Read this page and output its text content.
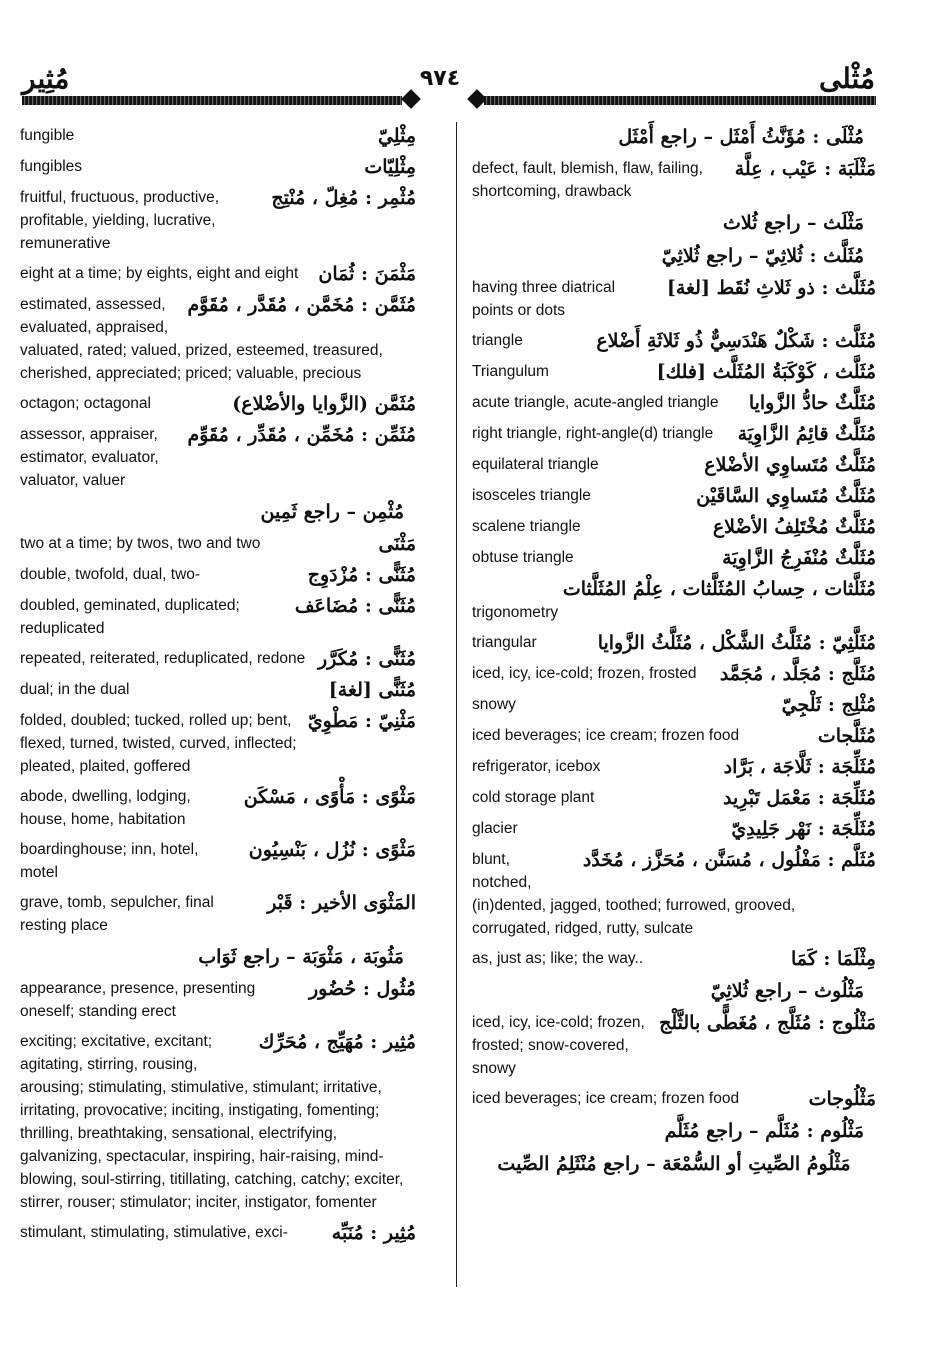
مُثِير	٩٧٤	مُثْلى
مِثْلِيّ
fungible
مِثْلِيّات
fungibles
مُثْمِر : مُغِلّ ، مُنْتِج
fruitful, fructuous, productive, profitable, yielding, lucrative, remunerative
مَثْمَنَ : ثُمَان
eight at a time; by eights, eight and eight
مُثَمَّن : مُخَمَّن ، مُقَدَّر ، مُقَوَّم
estimated, assessed, evaluated, appraised, valuated, rated; valued, prized, esteemed, treasured, cherished, appreciated; priced; valuable, precious
مُثَمَّن (الزَّوايا والأضْلاع)
octagon; octagonal
مُثَمِّن : مُخَمِّن ، مُقَدِّر ، مُقَوِّم
assessor, appraiser, estimator, evaluator, valuator, valuer
مُثْمِن – راجع ثَمِين
مَثْنَى
two at a time; by twos, two and two
مُثَنًّى : مُزْدَوِج
double, twofold, dual, two-
مُثَنًّى : مُضَاعَف
doubled, geminated, duplicated; reduplicated
مُثَنًّى : مُكَرَّر
repeated, reiterated, reduplicated, redone
مُثَنًّى [لغة]
dual; in the dual
مَثْنِيّ : مَطْوِيّ
folded, doubled; tucked, rolled up; bent, flexed, turned, twisted, curved, inflected; pleated, plaited, goffered
مَثْوًى : مَأْوًى ، مَسْكَن
abode, dwelling, lodging, house, home, habitation
مَثْوًى : نُزُل ، بَنْسِيُون
boardinghouse; inn, hotel, motel
المَثْوَى الأخير : قَبْر
grave, tomb, sepulcher, final resting place
مَثُوبَة ، مَثْوَبَة – راجع ثَوَاب
مُثُول : حُضُور
appearance, presence, presenting oneself; standing erect
مُثِير : مُهَيِّج ، مُحَرِّك
exciting; excitative, excitant; agitating, stirring, rousing, arousing; stimulating, stimulative, stimulant; irritative, irritating, provocative; inciting, instigating, fomenting; thrilling, breathtaking, sensational, electrifying, galvanizing, spectacular, inspiring, hair-raising, mind-blowing, soul-stirring, titillating, catching, catchy; exciter, stirrer, rouser; stimulator; inciter, instigator, fomenter
مُثِير : مُنَبِّه
stimulant, stimulating, stimulative, exci-
مُثْلَى : مُؤَنَّثُ أَمْثَل – راجع أَمْثَل
مَثْلَبَة : عَيْب ، عِلَّة
defect, fault, blemish, flaw, failing, shortcoming, drawback
مَثْلَث – راجع ثُلاث
مُثَلَّث : ثُلاثِيّ – راجع ثُلاثِيّ
مُثَلَّث : ذو ثَلاثِ نُقَط [لغة]
having three diatrical points or dots
مُثَلَّث : شَكْلٌ هَنْدَسِيٌّ ذُو ثَلاثَةِ أَضْلاع
triangle
مُثَلَّث ، كَوْكَبَةُ المُثَلَّث [فلك]
Triangulum
مُثَلَّثٌ حادُّ الزَّوايا
acute triangle, acute-angled triangle
مُثَلَّثٌ قائِمُ الزَّاوِيَة
right triangle, right-angle(d) triangle
مُثَلَّثٌ مُتَساوِي الأضْلاع
equilateral triangle
مُثَلَّثٌ مُتَساوِي السَّاقَيْن
isosceles triangle
مُثَلَّثٌ مُخْتَلِفُ الأضْلاع
scalene triangle
مُثَلَّثٌ مُنْفَرِجُ الزَّاوِيَة
obtuse triangle
مُثَلَّثات ، حِسابُ المُثَلَّثات ، عِلْمُ المُثَلَّثات
trigonometry
مُثَلَّثِيّ : مُثَلَّثُ الشَّكْل ، مُثَلَّثُ الزَّوايا
triangular
مُثَلَّج : مُجَلَّد ، مُجَمَّد
iced, icy, ice-cold; frozen, frosted
مُثْلِج : ثَلْجِيّ
snowy
مُثَلَّجات
iced beverages; ice cream; frozen food
مُثَلِّجَة : ثَلَّاجَة ، بَرَّاد
refrigerator, icebox
مُثَلِّجَة : مَعْمَل تَبْرِيد
cold storage plant
مُثَلِّجَة : نَهْر جَلِيدِيّ
glacier
مُثَلَّم : مَفْلُول ، مُسَنَّن ، مُحَزَّز ، مُخَدَّد
blunt, notched, (in)dented, jagged, toothed; furrowed, grooved, corrugated, ridged, rutty, sulcate
مِثْلَمَا : كَمَا
as, just as; like; the way..
مَثْلُوث – راجع ثُلاثِيّ
مَثْلُوج : مُثَلَّج ، مُغَطًّى بالثَّلْج
iced, icy, ice-cold; frozen, frosted; snow-covered, snowy
مَثْلُوجات
iced beverages; ice cream; frozen food
مَثْلُوم : مُثَلَّم – راجع مُثَلَّم
مَثْلُومُ الصِّيتِ أو السُّمْعَة – راجع مُنْثَلِمُ الصِّيت
